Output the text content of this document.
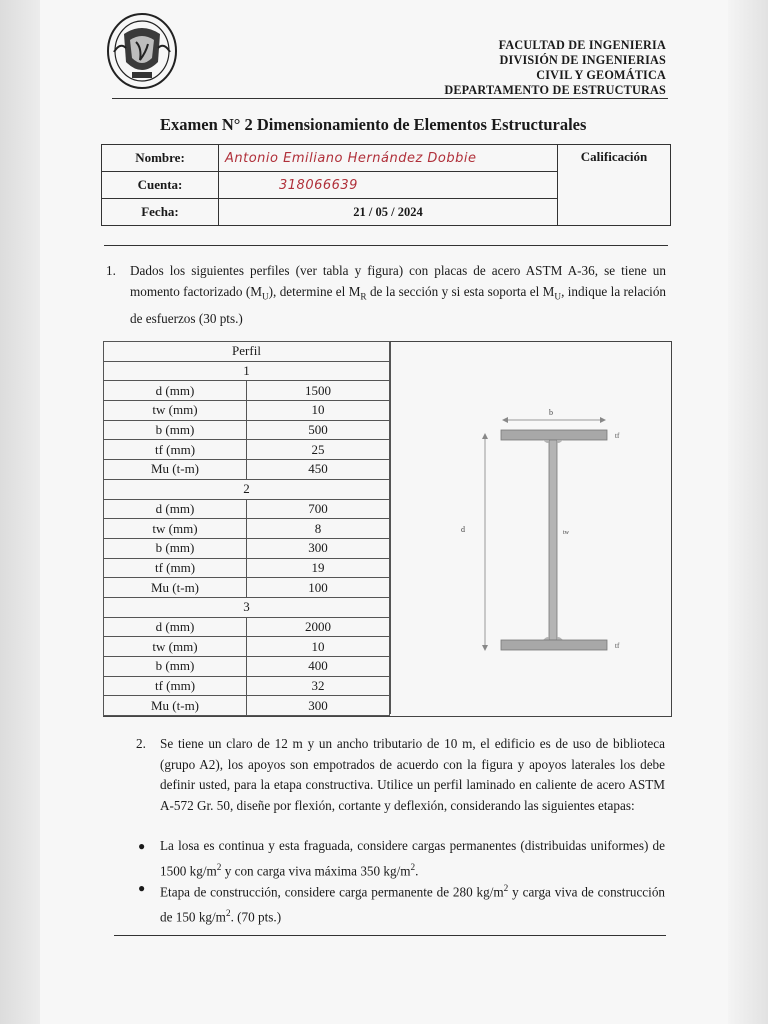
FACULTAD DE INGENIERIA
DIVISIÓN DE INGENIERIAS
CIVIL Y GEOMÁTICA
DEPARTAMENTO DE ESTRUCTURAS
Examen N° 2 Dimensionamiento de Elementos Estructurales
Nombre:	Antonio Emiliano Hernández Dobbie	Calificación
Cuenta:	318066639	
Fecha:	21 / 05 / 2024	
1. Dados los siguientes perfiles (ver tabla y figura) con placas de acero ASTM A-36, se tiene un momento factorizado $(M_U)$, determine el $M_R$ de la sección y si esta soporta el $M_U$, indique la relación de esfuerzos (30 pts.)
Perfil	
1	
d (mm)	1500
tw (mm)	10
b (mm)	500
tf (mm)	25
Mu (t-m)	450
2	
d (mm)	700
tw (mm)	8
b (mm)	300
tf (mm)	19
Mu (t-m)	100
3	
d (mm)	2000
tw (mm)	10
b (mm)	400
tf (mm)	32
Mu (t-m)	300
b
d
tf
tf
tw
2. Se tiene un claro de 12 m y un ancho tributario de 10 m, el edificio es de uso de biblioteca (grupo A2), los apoyos son empotrados de acuerdo con la figura y apoyos laterales los debe definir usted, para la etapa constructiva. Utilice un perfil laminado en caliente de acero ASTM A-572 Gr. 50, diseñe por flexión, cortante y deflexión, considerando las siguientes etapas:
● La losa es continua y esta fraguada, considere cargas permanentes (distribuidas uniformes) de 1500 $kg/m^2$ y con carga viva máxima 350 $kg/m^2$.
● Etapa de construcción, considere carga permanente de 280 $kg/m^2$ y carga viva de construcción de 150 $kg/m^2$. (70 pts.)
